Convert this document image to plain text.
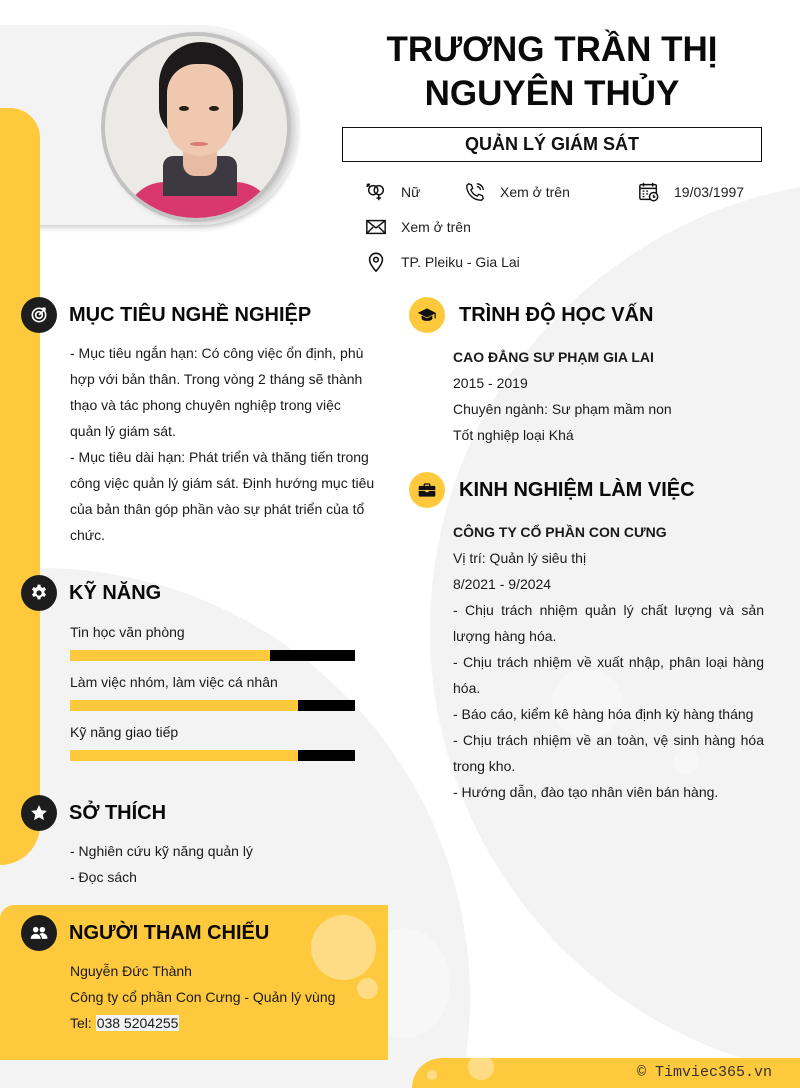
TRƯƠNG TRẦN THỊ
NGUYÊN THỦY
QUẢN LÝ GIÁM SÁT
Nữ	Xem ở trên	19/03/1997
Xem ở trên
TP. Pleiku - Gia Lai
MỤC TIÊU NGHỀ NGHIỆP
- Mục tiêu ngắn hạn: Có công việc ổn định, phù hợp với bản thân. Trong vòng 2 tháng sẽ thành thạo và tác phong chuyên nghiệp trong việc quản lý giám sát.
- Mục tiêu dài hạn: Phát triển và thăng tiến trong công việc quản lý giám sát. Định hướng mục tiêu của bản thân góp phần vào sự phát triển của tổ chức.
KỸ NĂNG
Tin học văn phòng
Làm việc nhóm, làm việc cá nhân
Kỹ năng giao tiếp
SỞ THÍCH
- Nghiên cứu kỹ năng quản lý
- Đọc sách
NGƯỜI THAM CHIẾU
Nguyễn Đức Thành
Công ty cổ phần Con Cưng - Quản lý vùng
Tel: 038 5204255
TRÌNH ĐỘ HỌC VẤN
CAO ĐẲNG SƯ PHẠM GIA LAI
2015 - 2019
Chuyên ngành: Sư phạm mầm non
Tốt nghiệp loại Khá
KINH NGHIỆM LÀM VIỆC
CÔNG TY CỔ PHẦN CON CƯNG
Vị trí: Quản lý siêu thị
8/2021 - 9/2024
- Chịu trách nhiệm quản lý chất lượng và sản lượng hàng hóa.
- Chịu trách nhiệm về xuất nhập, phân loại hàng hóa.
- Báo cáo, kiểm kê hàng hóa định kỳ hàng tháng
- Chịu trách nhiệm về an toàn, vệ sinh hàng hóa trong kho.
- Hướng dẫn, đào tạo nhân viên bán hàng.
© Timviec365.vn
